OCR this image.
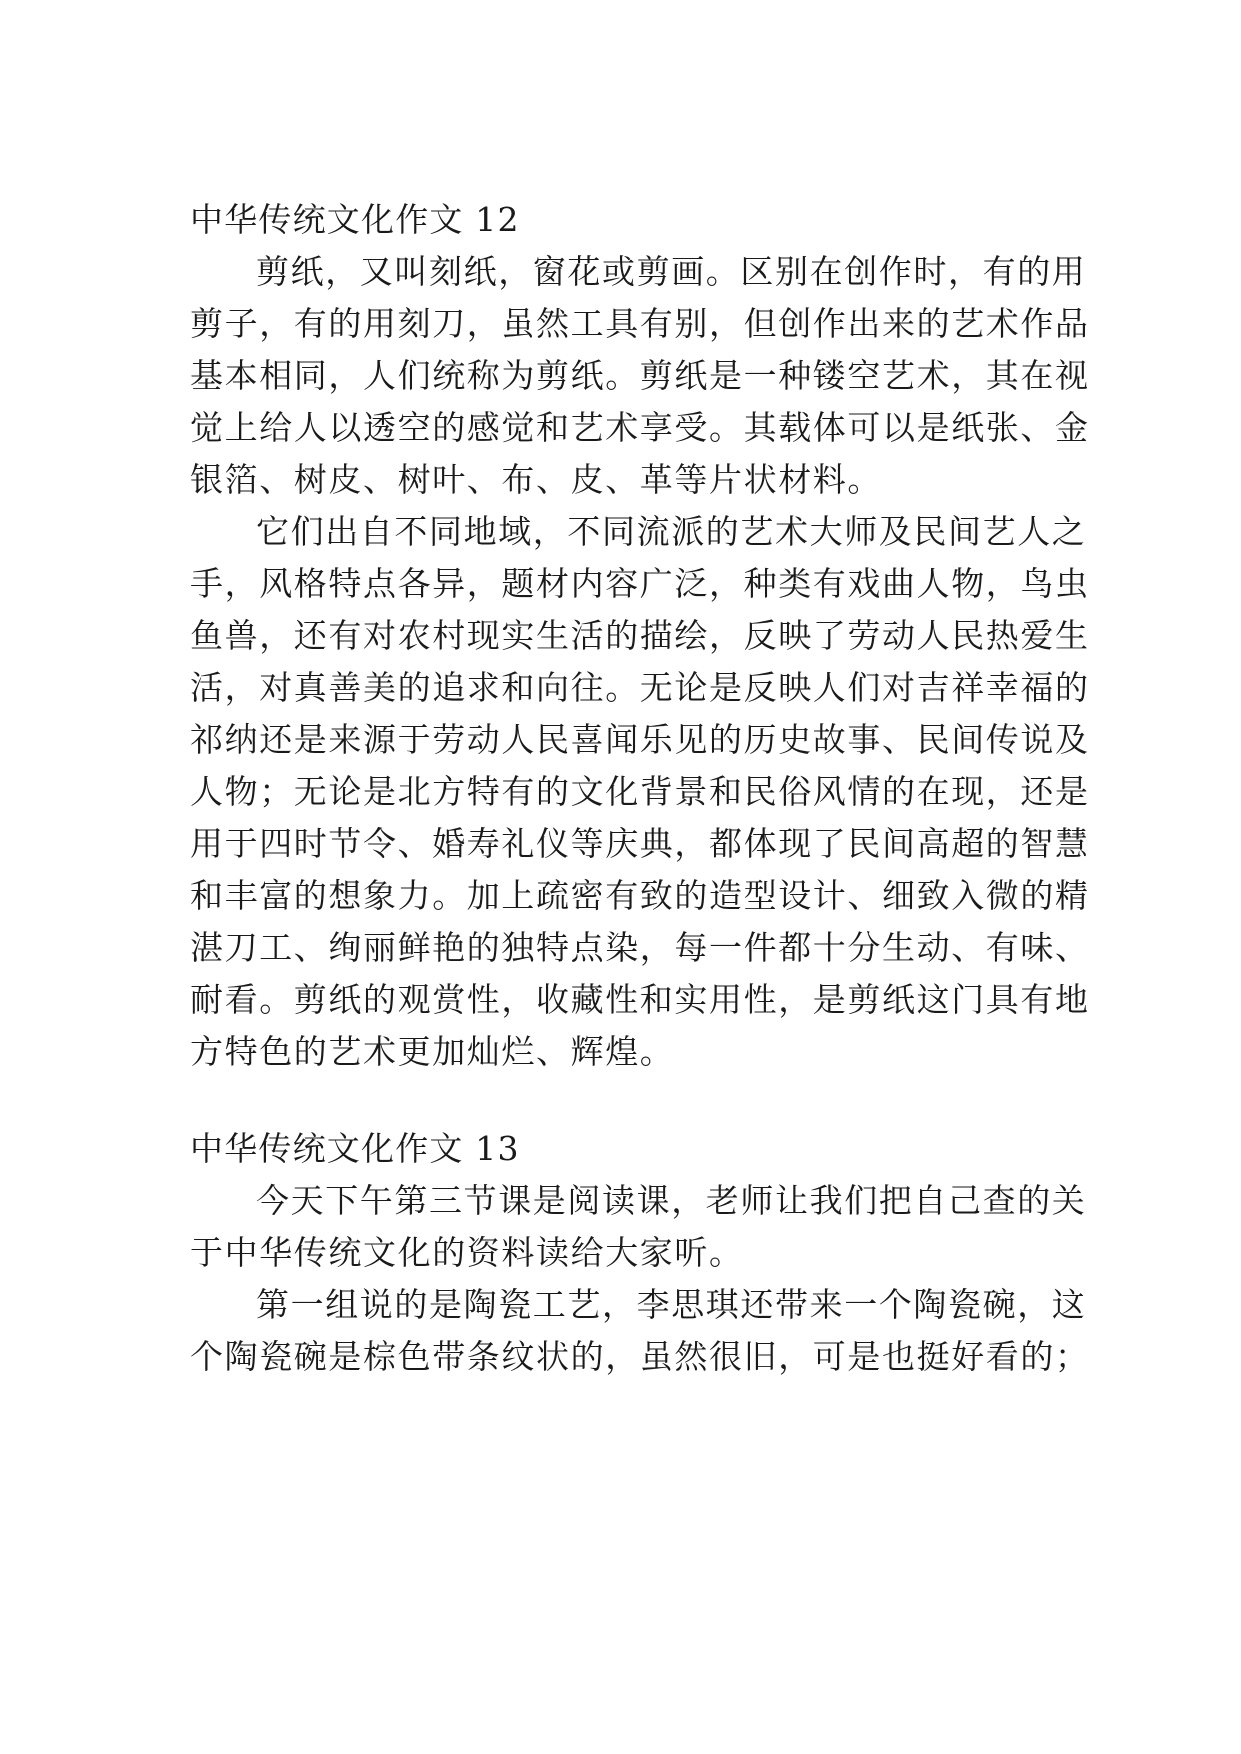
中华传统文化作文 12
剪纸，又叫刻纸，窗花或剪画。区别在创作时，有的用
剪子，有的用刻刀，虽然工具有别，但创作出来的艺术作品
基本相同，人们统称为剪纸。剪纸是一种镂空艺术，其在视
觉上给人以透空的感觉和艺术享受。其载体可以是纸张、金
银箔、树皮、树叶、布、皮、革等片状材料。
它们出自不同地域，不同流派的艺术大师及民间艺人之
手，风格特点各异，题材内容广泛，种类有戏曲人物，鸟虫
鱼兽，还有对农村现实生活的描绘，反映了劳动人民热爱生
活，对真善美的追求和向往。无论是反映人们对吉祥幸福的
祁纳还是来源于劳动人民喜闻乐见的历史故事、民间传说及
人物；无论是北方特有的文化背景和民俗风情的在现，还是
用于四时节令、婚寿礼仪等庆典，都体现了民间高超的智慧
和丰富的想象力。加上疏密有致的造型设计、细致入微的精
湛刀工、绚丽鲜艳的独特点染，每一件都十分生动、有味、
耐看。剪纸的观赏性，收藏性和实用性，是剪纸这门具有地
方特色的艺术更加灿烂、辉煌。
中华传统文化作文 13
今天下午第三节课是阅读课，老师让我们把自己查的关
于中华传统文化的资料读给大家听。
第一组说的是陶瓷工艺，李思琪还带来一个陶瓷碗，这
个陶瓷碗是棕色带条纹状的，虽然很旧，可是也挺好看的；
